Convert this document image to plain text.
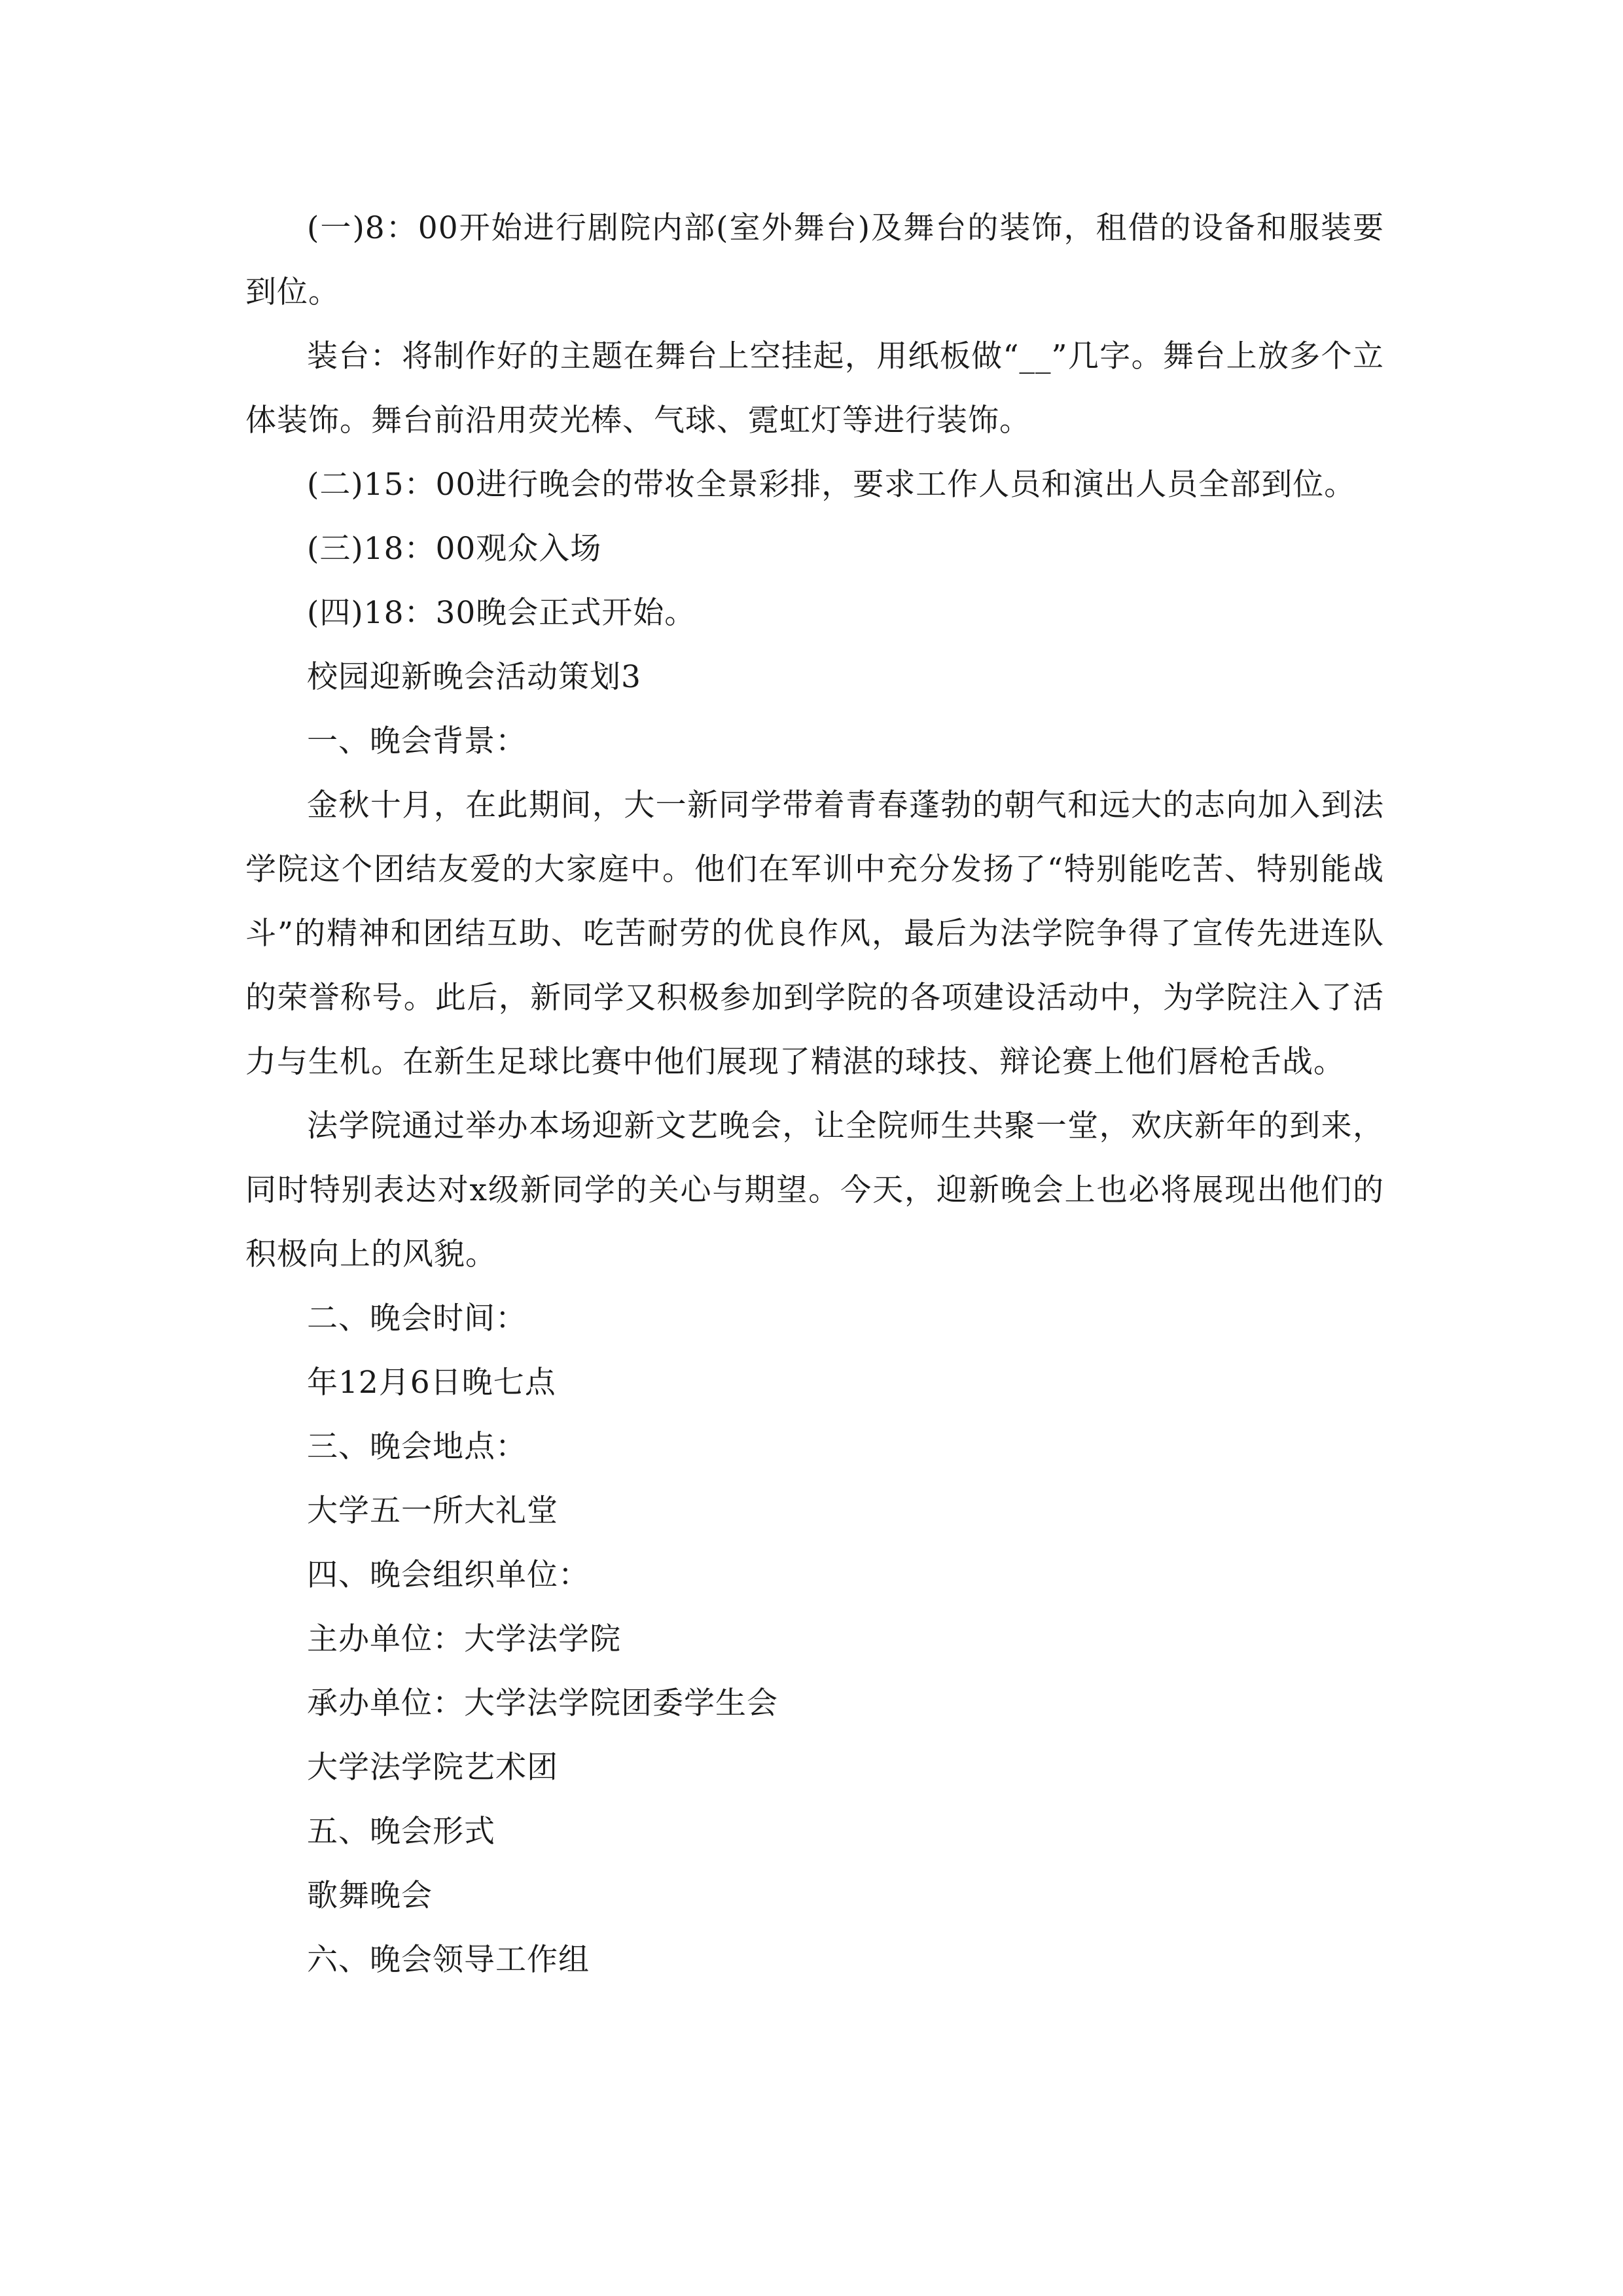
(一)8：00开始进行剧院内部(室外舞台)及舞台的装饰，租借的设备和服装要到位。

装台：将制作好的主题在舞台上空挂起，用纸板做“__”几字。舞台上放多个立体装饰。舞台前沿用荧光棒、气球、霓虹灯等进行装饰。

(二)15：00进行晚会的带妆全景彩排，要求工作人员和演出人员全部到位。

(三)18：00观众入场

(四)18：30晚会正式开始。

校园迎新晚会活动策划3

一、晚会背景：

金秋十月，在此期间，大一新同学带着青春蓬勃的朝气和远大的志向加入到法学院这个团结友爱的大家庭中。他们在军训中充分发扬了“特别能吃苦、特别能战斗”的精神和团结互助、吃苦耐劳的优良作风，最后为法学院争得了宣传先进连队的荣誉称号。此后，新同学又积极参加到学院的各项建设活动中，为学院注入了活力与生机。在新生足球比赛中他们展现了精湛的球技、辩论赛上他们唇枪舌战。

法学院通过举办本场迎新文艺晚会，让全院师生共聚一堂，欢庆新年的到来，同时特别表达对x级新同学的关心与期望。今天，迎新晚会上也必将展现出他们的积极向上的风貌。

二、晚会时间：

年12月6日晚七点

三、晚会地点：

大学五一所大礼堂

四、晚会组织单位：

主办单位：大学法学院

承办单位：大学法学院团委学生会

大学法学院艺术团

五、晚会形式

歌舞晚会

六、晚会领导工作组
